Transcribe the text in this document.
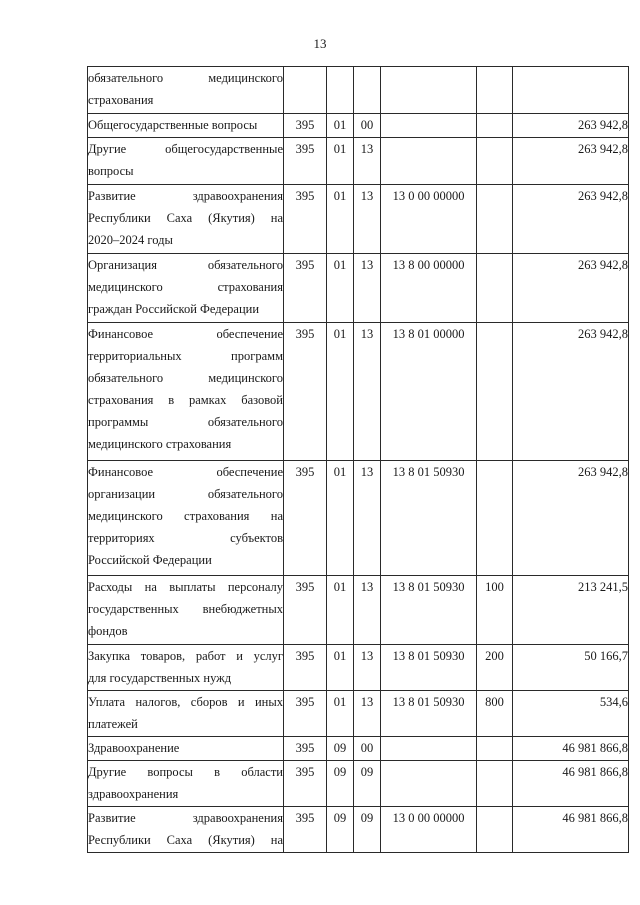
13
обязательного медицинского
страхования						

Общегосударственные вопросы	395	01	00			263 942,8
Другие общегосударственные
вопросы	395	01	13			263 942,8
Развитие здравоохранения Республики Саха (Якутия) на
2020–2024 годы	395	01	13	13 0 00 00000		263 942,8
Организация обязательного медицинского страхования
граждан Российской Федерации	395	01	13	13 8 00 00000		263 942,8
Финансовое обеспечение территориальных программ обязательного медицинского страхования в рамках базовой программы обязательного
медицинского страхования	395	01	13	13 8 01 00000		263 942,8
Финансовое обеспечение организации обязательного медицинского страхования на территориях субъектов
Российской Федерации	395	01	13	13 8 01 50930		263 942,8
Расходы на выплаты персоналу государственных внебюджетных
фондов	395	01	13	13 8 01 50930	100	213 241,5
Закупка товаров, работ и услуг
для государственных нужд	395	01	13	13 8 01 50930	200	50 166,7
Уплата налогов, сборов и иных
платежей	395	01	13	13 8 01 50930	800	534,6

Здравоохранение	395	09	00			46 981 866,8
Другие вопросы в области
здравоохранения	395	09	09			46 981 866,8
Развитие здравоохранения Республики Саха (Якутия) на	395	09	09	13 0 00 00000		46 981 866,8
